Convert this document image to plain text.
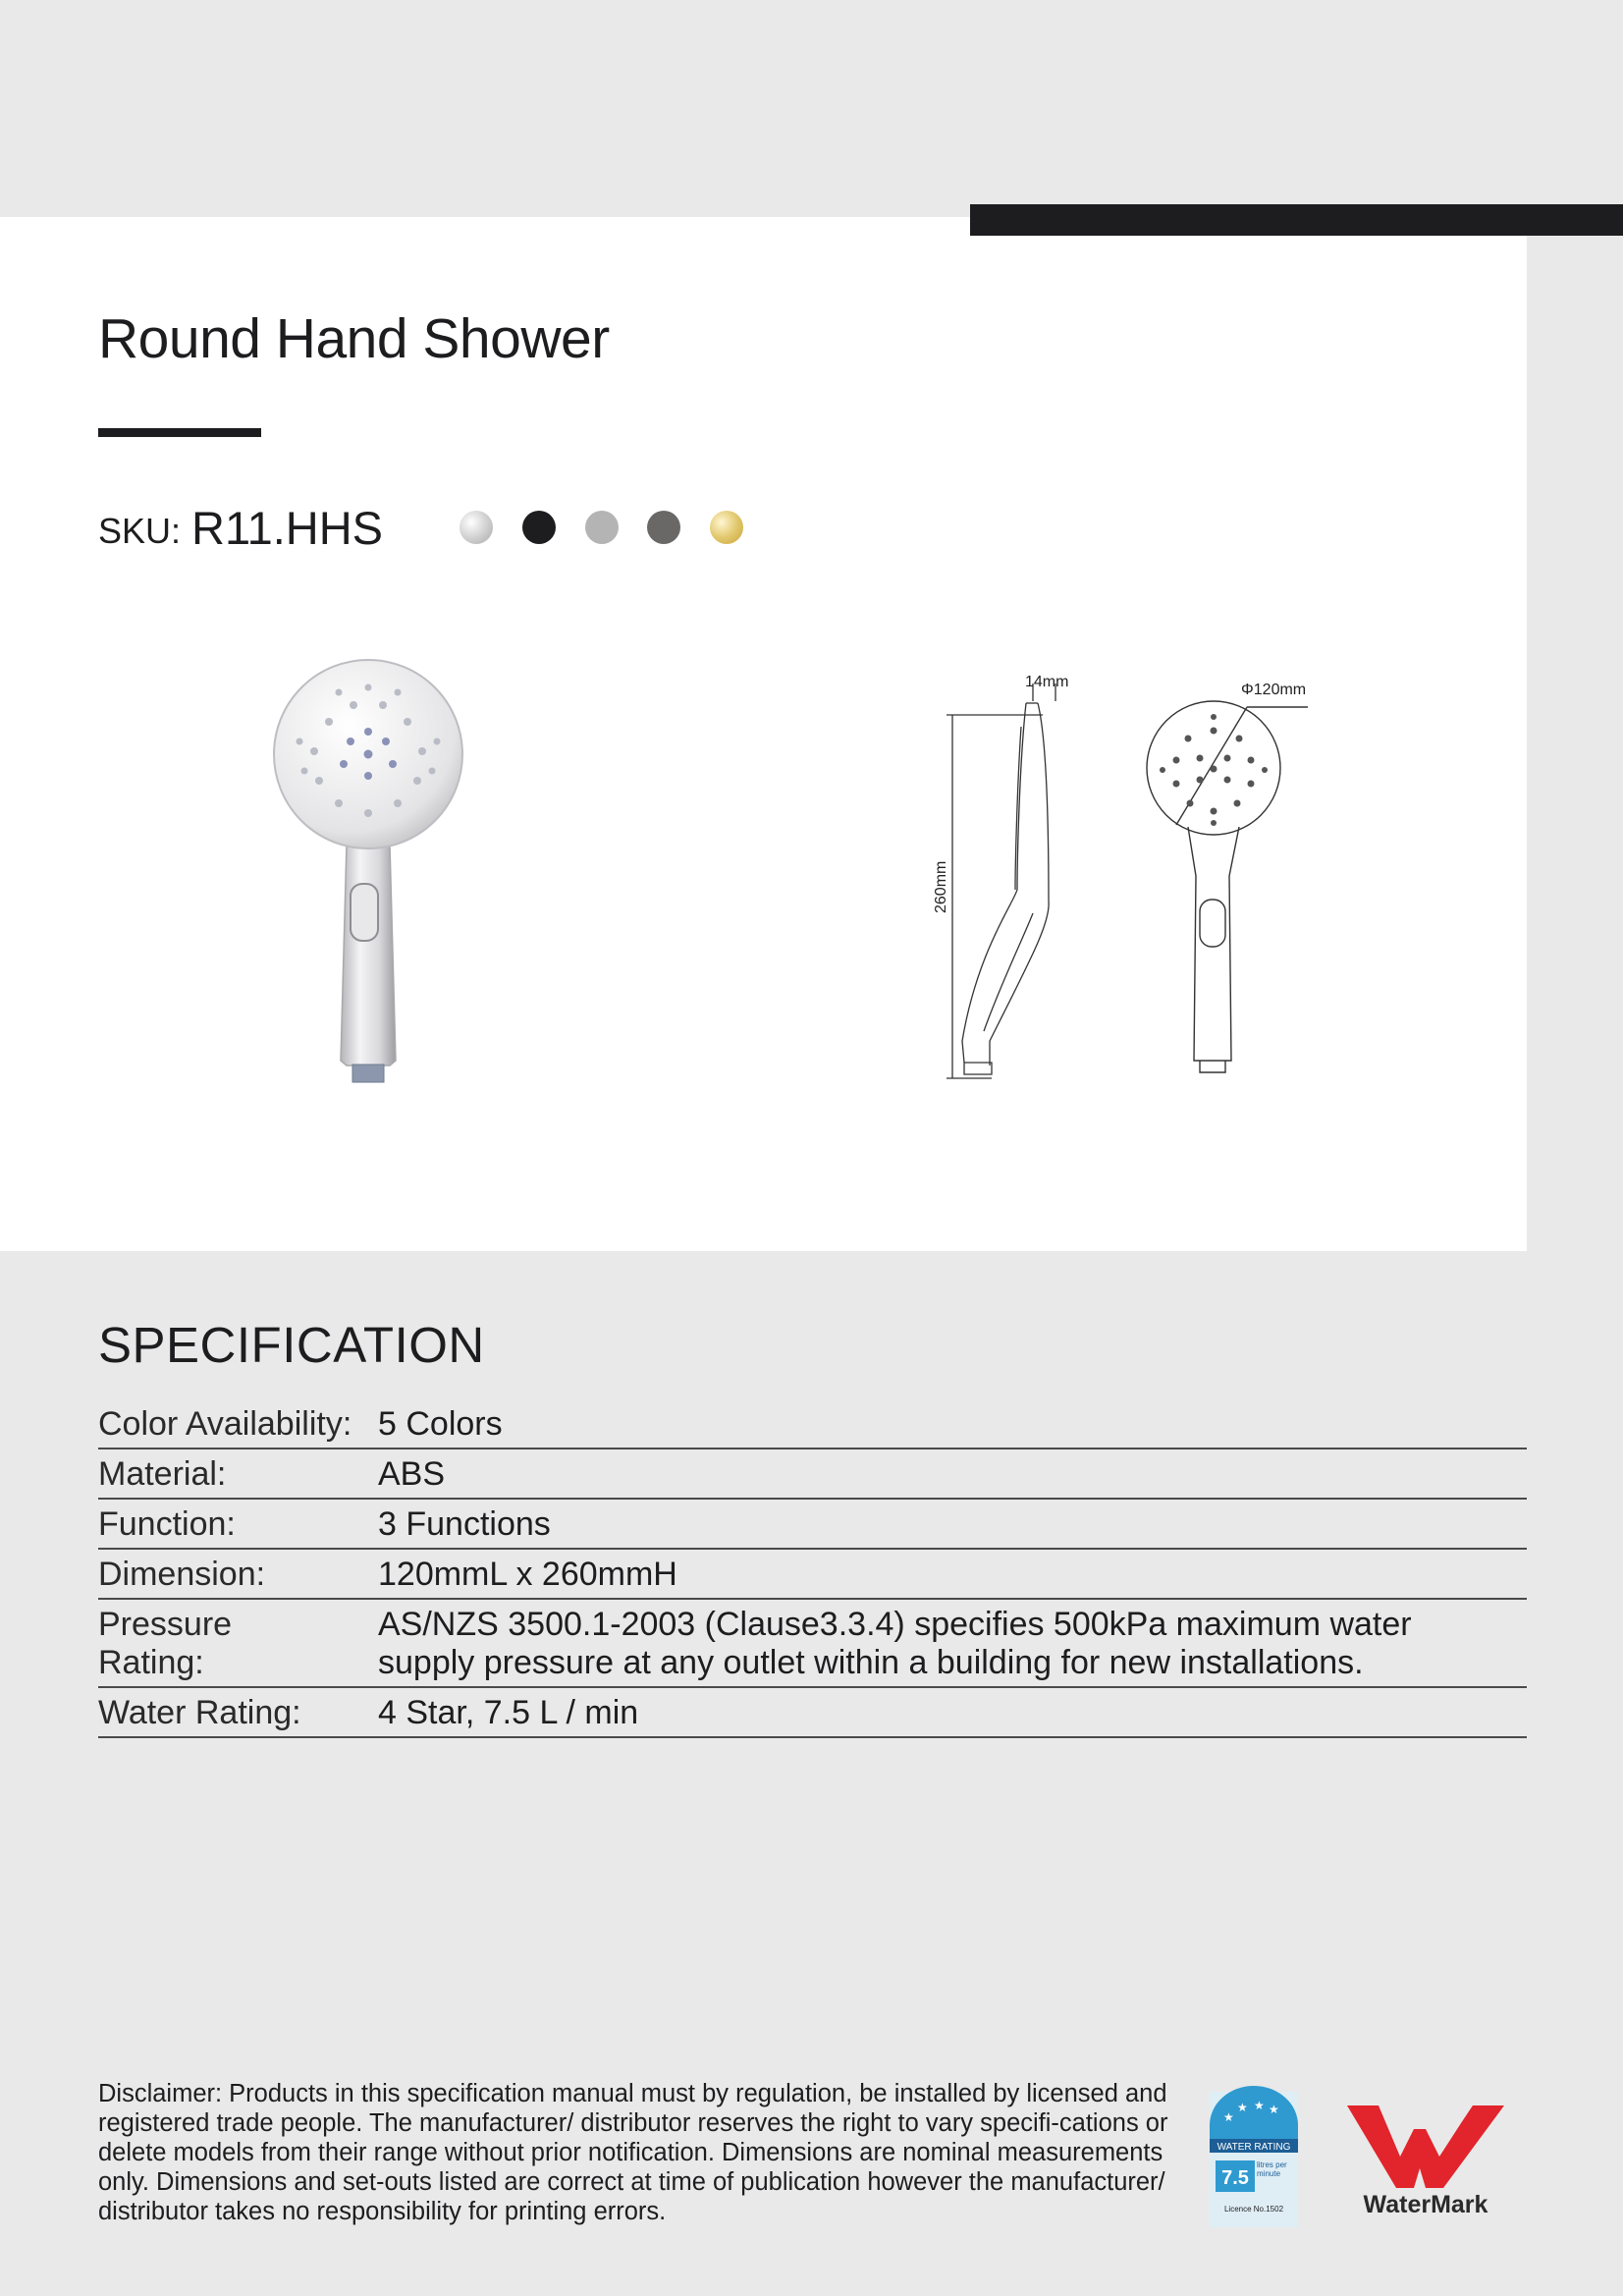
Round Hand Shower
SKU: R11.HHS
14mm	Φ120mm
260mm
SPECIFICATION
Color Availability: 5 Colors
Material:	ABS
Function:	3 Functions
Dimension:	120mmL x 260mmH
Pressure Rating:
AS/NZS 3500.1-2003 (Clause3.3.4) specifies 500kPa maximum water supply pressure at any outlet within a building for new installations.
Water Rating:	4 Star, 7.5 L / min
Disclaimer: Products in this specification manual must by regulation, be installed by licensed and registered trade people. The manufacturer/ distributor reserves the right to vary specifi-cations or delete models from their range without prior notification. Dimensions are nominal measurements only. Dimensions and set-outs listed are correct at time of publication however the manufacturer/ distributor takes no responsibility for printing errors.
★
★ ★ ★
WATER RATING
7.5
litres per minute
Licence No.1502	WaterMark
